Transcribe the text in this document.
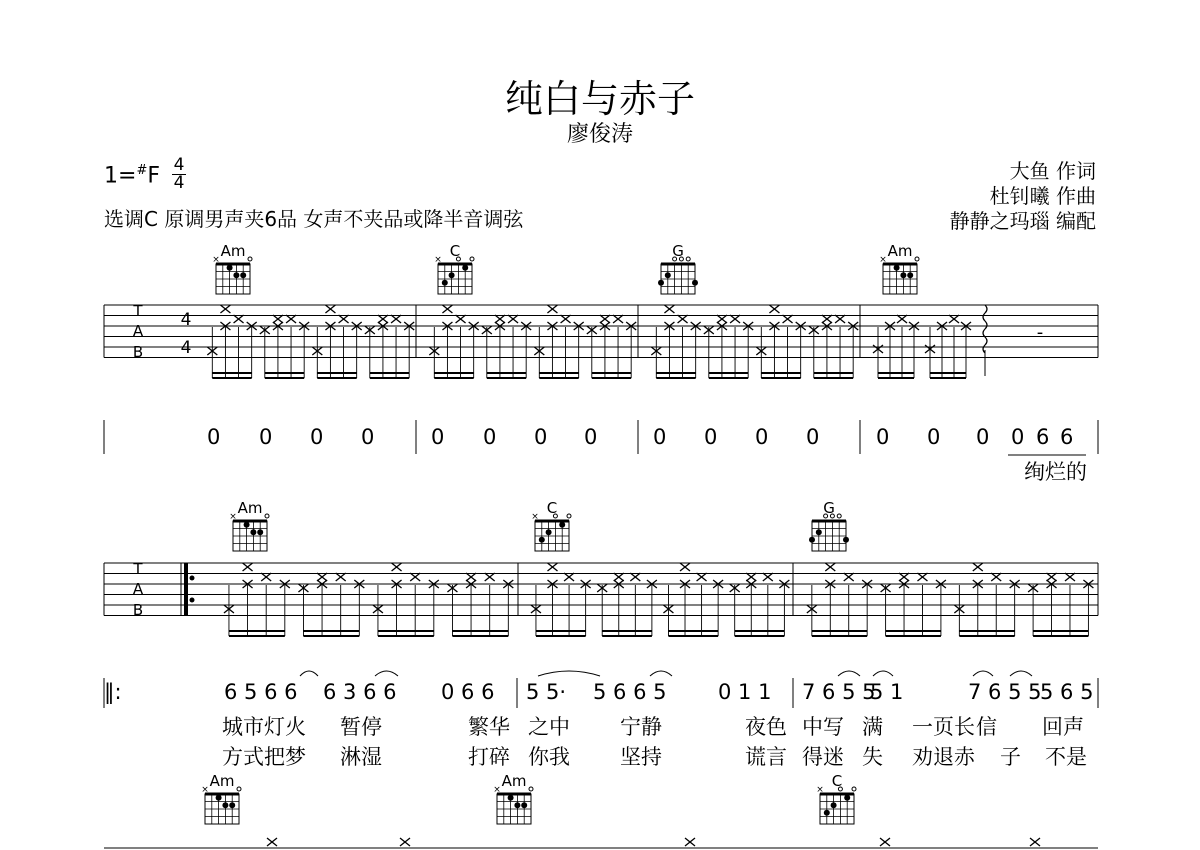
纯白与赤子
廖俊涛
1=#F 4
4
选调C 原调男声夹6品 女声不夹品或降半音调弦
大鱼 作词
杜钊曦 作曲
静静之玛瑙 编配
T
A
B
4
4
Am
×	C
×	G	Am
×
-
T
A
B
Am
×	C
×	G
Am
×	Am
×	C
×
0 0 0 0	0 0 0 0	0 0 0 0	0 0 0 0 6 6
绚烂的
‖:	6 5 6 6 6 3 6 6 0 6 6 5 5· 5 6 6 5 0 1 1 7 6 5 5
5 1	7 6 5 5
5 6 5
城市灯火 暂停	繁华 之中 宁静	夜色 中写 满 一页长 信 回声
方式把梦 淋湿	打碎 你我 坚持	谎言 得迷 失 劝退赤 子 不是
